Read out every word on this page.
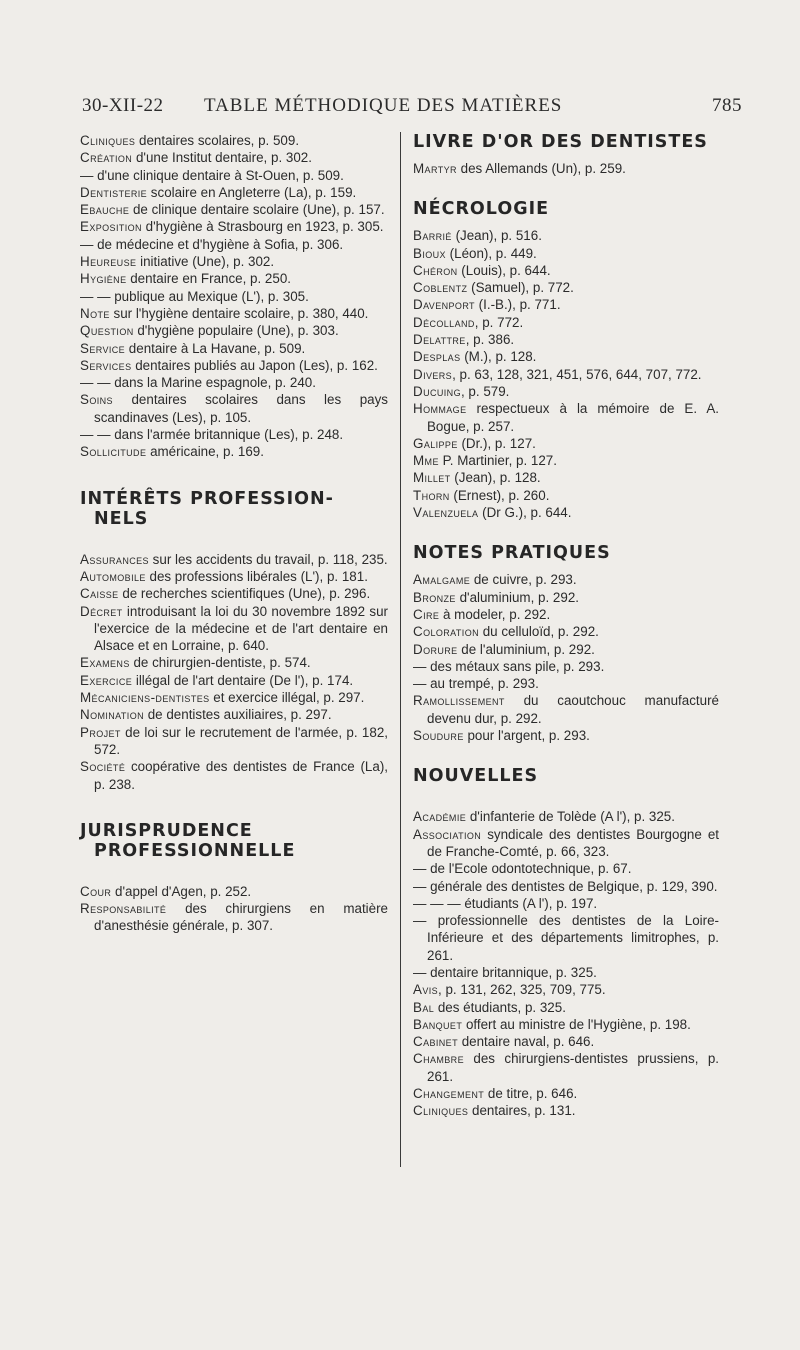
30-XII-22 TABLE MÉTHODIQUE DES MATIÈRES	785

Cliniques dentaires scolaires, p. 509.

Création d'une Institut dentaire, p. 302.

— d'une clinique dentaire à St-Ouen, p. 509.

Dentisterie scolaire en Angleterre (La), p. 159.

Ebauche de clinique dentaire scolaire (Une), p. 157.

Exposition d'hygiène à Strasbourg en 1923, p. 305.

— de médecine et d'hygiène à Sofia, p. 306.

Heureuse initiative (Une), p. 302.

Hygiène dentaire en France, p. 250.

— — publique au Mexique (L'), p. 305.

Note sur l'hygiène dentaire scolaire, p. 380, 440.

Question d'hygiène populaire (Une), p. 303.

Service dentaire à La Havane, p. 509.

Services dentaires publiés au Japon (Les), p. 162.

— — dans la Marine espagnole, p. 240.

Soins dentaires scolaires dans les pays scandinaves (Les), p. 105.

— — dans l'armée britannique (Les), p. 248.

Sollicitude américaine, p. 169.

INTÉRÊTS PROFESSION-NELS

Assurances sur les accidents du travail, p. 118, 235.

Automobile des professions libérales (L'), p. 181.

Caisse de recherches scientifiques (Une), p. 296.

Décret introduisant la loi du 30 novembre 1892 sur l'exercice de la médecine et de l'art dentaire en Alsace et en Lorraine, p. 640.

Examens de chirurgien-dentiste, p. 574.

Exercice illégal de l'art dentaire (De l'), p. 174.

Mécaniciens-dentistes et exercice illégal, p. 297.

Nomination de dentistes auxiliaires, p. 297.

Projet de loi sur le recrutement de l'armée, p. 182, 572.

Société coopérative des dentistes de France (La), p. 238.

JURISPRUDENCE PROFESSIONNELLE

Cour d'appel d'Agen, p. 252.

Responsabilité des chirurgiens en matière d'anesthésie générale, p. 307.

LIVRE D'OR DES DENTISTES

Martyr des Allemands (Un), p. 259.

NÉCROLOGIE

Barrié (Jean), p. 516.

Bioux (Léon), p. 449.

Chéron (Louis), p. 644.

Coblentz (Samuel), p. 772.

Davenport (I.-B.), p. 771.

Décolland, p. 772.

Delattre, p. 386.

Desplas (M.), p. 128.

Divers, p. 63, 128, 321, 451, 576, 644, 707, 772.

Ducuing, p. 579.

Hommage respectueux à la mémoire de E. A. Bogue, p. 257.

Galippe (Dr.), p. 127.

Mme P. Martinier, p. 127.

Millet (Jean), p. 128.

Thorn (Ernest), p. 260.

Valenzuela (Dr G.), p. 644.

NOTES PRATIQUES

Amalgame de cuivre, p. 293.

Bronze d'aluminium, p. 292.

Cire à modeler, p. 292.

Coloration du celluloïd, p. 292.

Dorure de l'aluminium, p. 292.

— des métaux sans pile, p. 293.

— au trempé, p. 293.

Ramollissement du caoutchouc manufacturé devenu dur, p. 292.

Soudure pour l'argent, p. 293.

NOUVELLES

Académie d'infanterie de Tolède (A l'), p. 325.

Association syndicale des dentistes Bourgogne et de Franche-Comté, p. 66, 323.

— de l'Ecole odontotechnique, p. 67.

— générale des dentistes de Belgique, p. 129, 390.

— — — étudiants (A l'), p. 197.

— professionnelle des dentistes de la Loire-Inférieure et des départements limitrophes, p. 261.

— dentaire britannique, p. 325.

Avis, p. 131, 262, 325, 709, 775.

Bal des étudiants, p. 325.

Banquet offert au ministre de l'Hygiène, p. 198.

Cabinet dentaire naval, p. 646.

Chambre des chirurgiens-dentistes prussiens, p. 261.

Changement de titre, p. 646.

Cliniques dentaires, p. 131.
